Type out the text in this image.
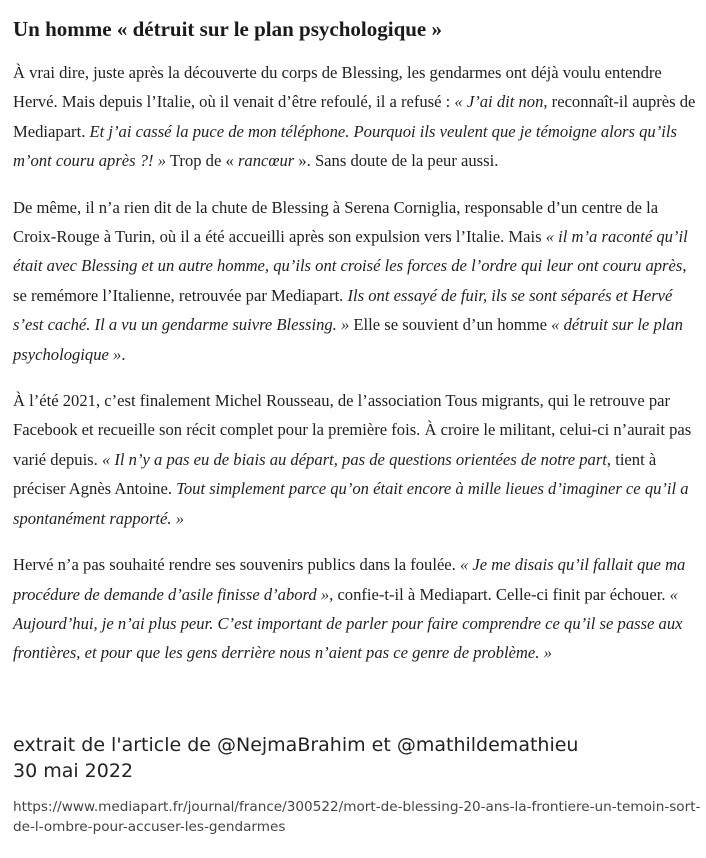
Un homme « détruit sur le plan psychologique »

À vrai dire, juste après la découverte du corps de Blessing, les gendarmes ont déjà voulu entendre Hervé. Mais depuis l’Italie, où il venait d’être refoulé, il a refusé : « J’ai dit non, reconnaît-il auprès de Mediapart. Et j’ai cassé la puce de mon téléphone. Pourquoi ils veulent que je témoigne alors qu’ils m’ont couru après ?! » Trop de « rancœur ». Sans doute de la peur aussi.

De même, il n’a rien dit de la chute de Blessing à Serena Corniglia, responsable d’un centre de la Croix-Rouge à Turin, où il a été accueilli après son expulsion vers l’Italie. Mais « il m’a raconté qu’il était avec Blessing et un autre homme, qu’ils ont croisé les forces de l’ordre qui leur ont couru après, se remémore l’Italienne, retrouvée par Mediapart. Ils ont essayé de fuir, ils se sont séparés et Hervé s’est caché. Il a vu un gendarme suivre Blessing. » Elle se souvient d’un homme « détruit sur le plan psychologique ».

À l’été 2021, c’est finalement Michel Rousseau, de l’association Tous migrants, qui le retrouve par Facebook et recueille son récit complet pour la première fois. À croire le militant, celui-ci n’aurait pas varié depuis. « Il n’y a pas eu de biais au départ, pas de questions orientées de notre part, tient à préciser Agnès Antoine. Tout simplement parce qu’on était encore à mille lieues d’imaginer ce qu’il a spontanément rapporté. »

Hervé n’a pas souhaité rendre ses souvenirs publics dans la foulée. « Je me disais qu’il fallait que ma procédure de demande d’asile finisse d’abord », confie-t-il à Mediapart. Celle-ci finit par échouer. « Aujourd’hui, je n’ai plus peur. C’est important de parler pour faire comprendre ce qu’il se passe aux frontières, et pour que les gens derrière nous n’aient pas ce genre de problème. »

extrait de l'article de @NejmaBrahim et @mathildemathieu
30 mai 2022
https://www.mediapart.fr/journal/france/300522/mort-de-blessing-20-ans-la-frontiere-un-temoin-sort-de-l-ombre-pour-accuser-les-gendarmes
